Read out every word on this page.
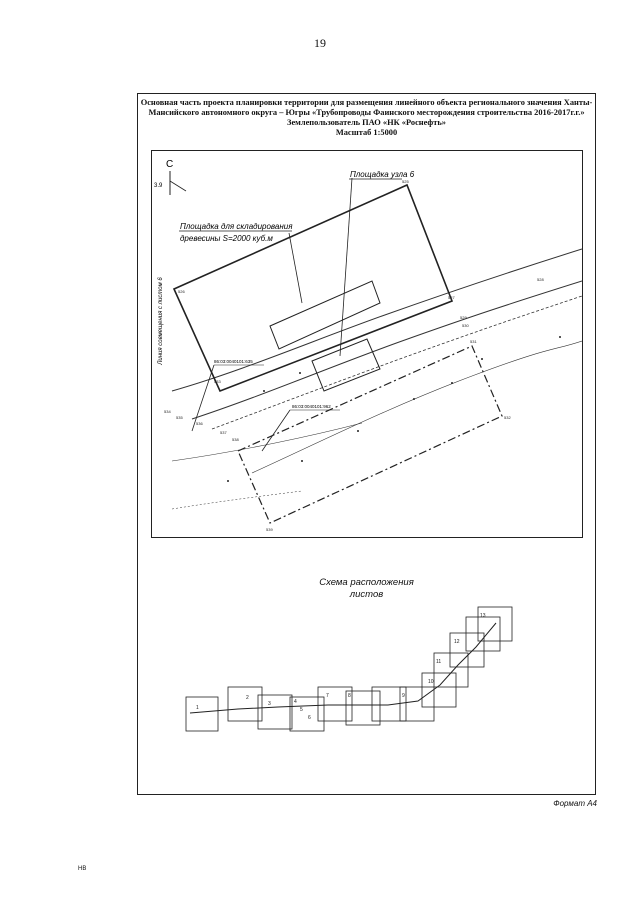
19
Основная часть проекта планировки территории для размещения линейного объекта регионального значения Ханты-
Мансийского автономного округа – Югры «Трубопроводы Фаинского месторождения строительства 2016-2017г.г.»
Землепользователь ПАО «НК «Роснефть»
Масштаб 1:5000
С
3.9
Линия совмещения с листом 6
Площадка узла 6
Площадка для складирования
древесины S=2000 куб.м
86:03:0040101:635
86:03:0040101:962
525
526
527
528
529
530
531
532
533
534
535
536
537
538
539
Схема расположения
листов
1
2
3	4
5
6
7	8	9
10
11
12
13
Формат А4
НВ
